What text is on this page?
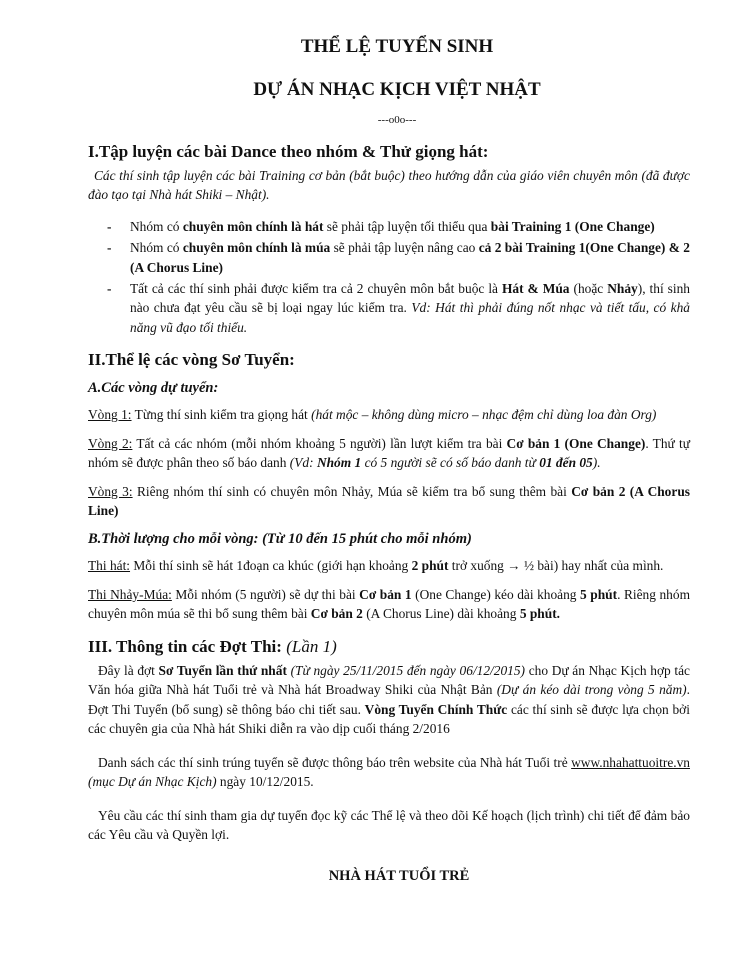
THỂ LỆ TUYỂN SINH

DỰ ÁN NHẠC KỊCH VIỆT NHẬT

---o0o---

I.Tập luyện các bài Dance theo nhóm & Thử giọng hát:

Các thí sinh tập luyện các bài Training cơ bản (bắt buộc) theo hướng dẫn của giáo viên chuyên môn (đã được đào tạo tại Nhà hát Shiki – Nhật).

- Nhóm có chuyên môn chính là hát sẽ phải tập luyện tối thiểu qua bài Training 1 (One Change)
- Nhóm có chuyên môn chính là múa sẽ phải tập luyện nâng cao cả 2 bài Training 1(One Change) & 2 (A Chorus Line)
- Tất cả các thí sinh phải được kiểm tra cả 2 chuyên môn bắt buộc là Hát & Múa (hoặc Nhảy), thí sinh nào chưa đạt yêu cầu sẽ bị loại ngay lúc kiểm tra. Vd: Hát thì phải đúng nốt nhạc và tiết tấu, có khả năng vũ đạo tối thiểu.
II.Thể lệ các vòng Sơ Tuyển:
A.Các vòng dự tuyển:

Vòng 1: Từng thí sinh kiểm tra giọng hát (hát mộc – không dùng micro – nhạc đệm chỉ dùng loa đàn Org)

Vòng 2: Tất cả các nhóm (mỗi nhóm khoảng 5 người) lần lượt kiểm tra bài Cơ bản 1 (One Change). Thứ tự nhóm sẽ được phân theo số báo danh (Vd: Nhóm 1 có 5 người sẽ có số báo danh từ 01 đến 05).

Vòng 3: Riêng nhóm thí sinh có chuyên môn Nhảy, Múa sẽ kiểm tra bổ sung thêm bài Cơ bản 2 (A Chorus Line)

B.Thời lượng cho mỗi vòng: (Từ 10 đến 15 phút cho mỗi nhóm)

Thi hát: Mỗi thí sinh sẽ hát 1đoạn ca khúc (giới hạn khoảng 2 phút trở xuống → ½ bài) hay nhất của mình.

Thi Nhảy-Múa: Mỗi nhóm (5 người) sẽ dự thi bài Cơ bản 1 (One Change) kéo dài khoảng 5 phút. Riêng nhóm chuyên môn múa sẽ thi bổ sung thêm bài Cơ bản 2 (A Chorus Line) dài khoảng 5 phút.

III. Thông tin các Đợt Thi: (Lần 1)

Đây là đợt Sơ Tuyển lần thứ nhất (Từ ngày 25/11/2015 đến ngày 06/12/2015) cho Dự án Nhạc Kịch hợp tác Văn hóa giữa Nhà hát Tuổi trẻ và Nhà hát Broadway Shiki của Nhật Bản (Dự án kéo dài trong vòng 5 năm). Đợt Thi Tuyển (bổ sung) sẽ thông báo chi tiết sau. Vòng Tuyển Chính Thức các thí sinh sẽ được lựa chọn bởi các chuyên gia của Nhà hát Shiki diễn ra vào dịp cuối tháng 2/2016

Danh sách các thí sinh trúng tuyển sẽ được thông báo trên website của Nhà hát Tuổi trẻ www.nhahattuoitre.vn (mục Dự án Nhạc Kịch) ngày 10/12/2015.

Yêu cầu các thí sinh tham gia dự tuyển đọc kỹ các Thể lệ và theo dõi Kế hoạch (lịch trình) chi tiết để đảm bảo các Yêu cầu và Quyền lợi.

NHÀ HÁT TUỔI TRẺ
